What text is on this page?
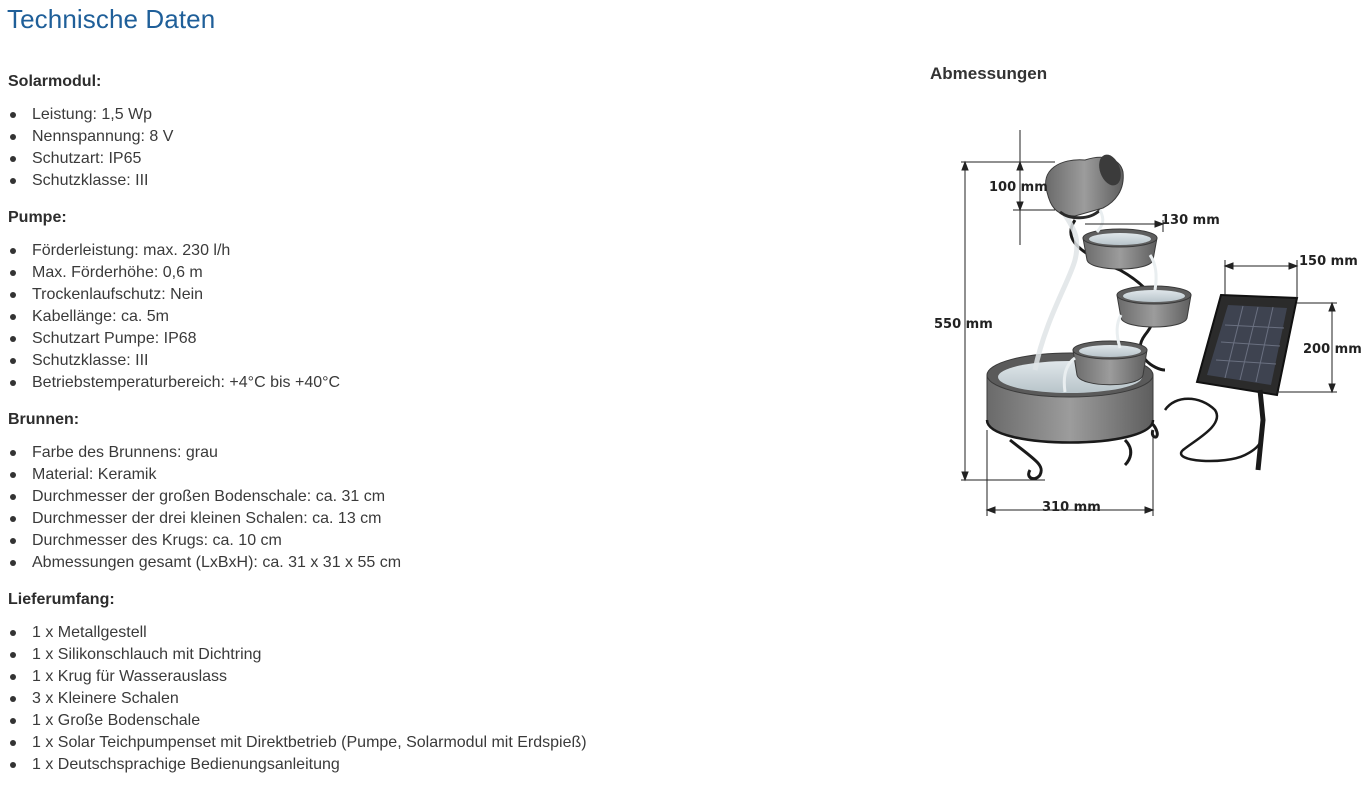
Technische Daten
Solarmodul:
Leistung: 1,5 Wp
Nennspannung: 8 V
Schutzart: IP65
Schutzklasse: III
Pumpe:
Förderleistung: max. 230 l/h
Max. Förderhöhe: 0,6 m
Trockenlaufschutz: Nein
Kabellänge: ca. 5m
Schutzart Pumpe: IP68
Schutzklasse: III
Betriebstemperaturbereich: +4°C bis +40°C
Brunnen:
Farbe des Brunnens: grau
Material: Keramik
Durchmesser der großen Bodenschale: ca. 31 cm
Durchmesser der drei kleinen Schalen: ca. 13 cm
Durchmesser des Krugs: ca. 10 cm
Abmessungen gesamt (LxBxH): ca. 31 x 31 x 55 cm
Lieferumfang:
1 x Metallgestell
1 x Silikonschlauch mit Dichtring
1 x Krug für Wasserauslass
3 x Kleinere Schalen
1 x Große Bodenschale
1 x Solar Teichpumpenset mit Direktbetrieb (Pumpe, Solarmodul mit Erdspieß)
1 x Deutschsprachige Bedienungsanleitung
Abmessungen
100 mm
130 mm
550 mm
150 mm
200 mm
310 mm
